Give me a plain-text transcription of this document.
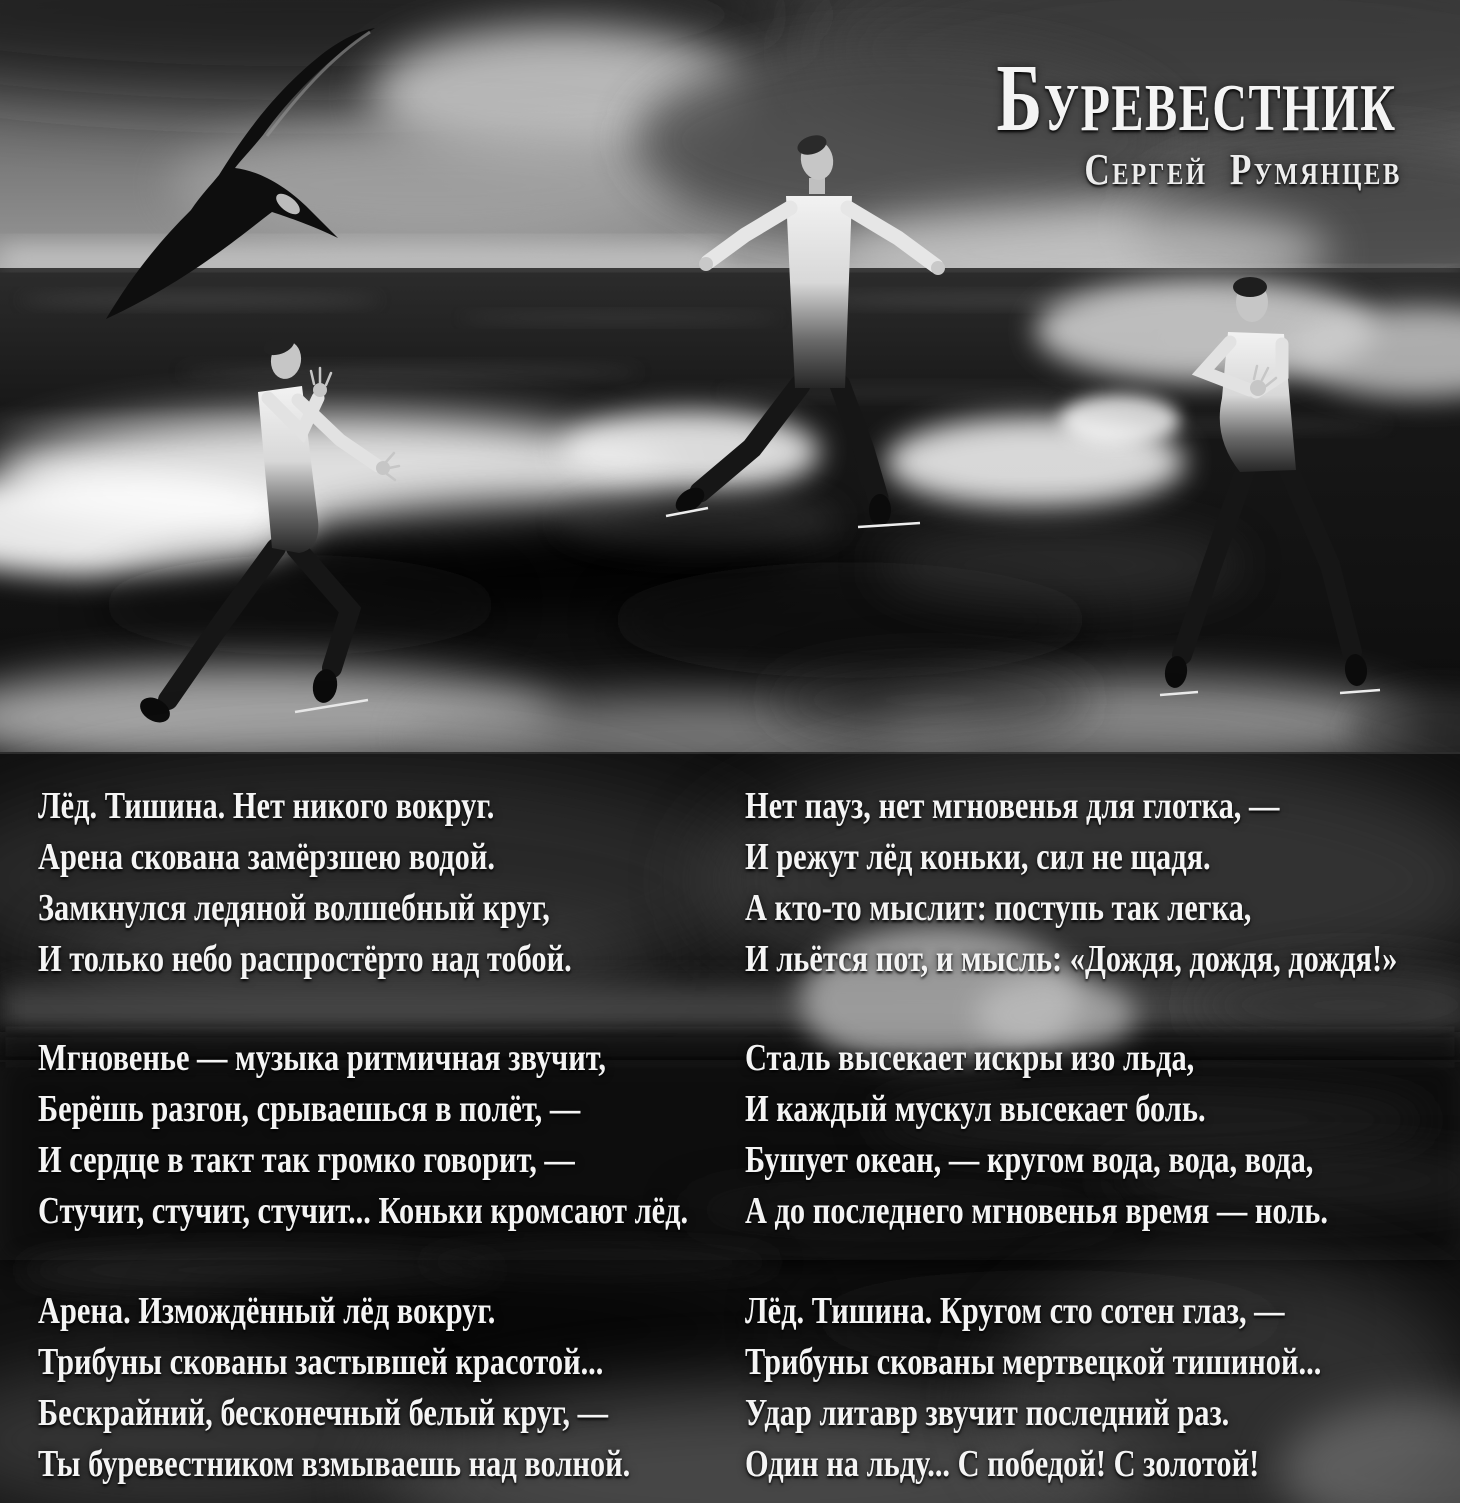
Буревестник
Сергей Румянцев
Лёд. Тишина. Нет никого вокруг.
Арена скована замёрзшею водой.
Замкнулся ледяной волшебный круг,
И только небо распростёрто над тобой.
Мгновенье — музыка ритмичная звучит,
Берёшь разгон, срываешься в полёт, —
И сердце в такт так громко говорит, —
Стучит, стучит, стучит... Коньки кромсают лёд.
Арена. Измождённый лёд вокруг.
Трибуны скованы застывшей красотой...
Бескрайний, бесконечный белый круг, —
Ты буревестником взмываешь над волной.
Нет пауз, нет мгновенья для глотка, —
И режут лёд коньки, сил не щадя.
А кто-то мыслит: поступь так легка,
И льётся пот, и мысль: «Дождя, дождя, дождя!»
Сталь высекает искры изо льда,
И каждый мускул высекает боль.
Бушует океан, — кругом вода, вода, вода,
А до последнего мгновенья время — ноль.
Лёд. Тишина. Кругом сто сотен глаз, —
Трибуны скованы мертвецкой тишиной...
Удар литавр звучит последний раз.
Один на льду... С победой! С золотой!
